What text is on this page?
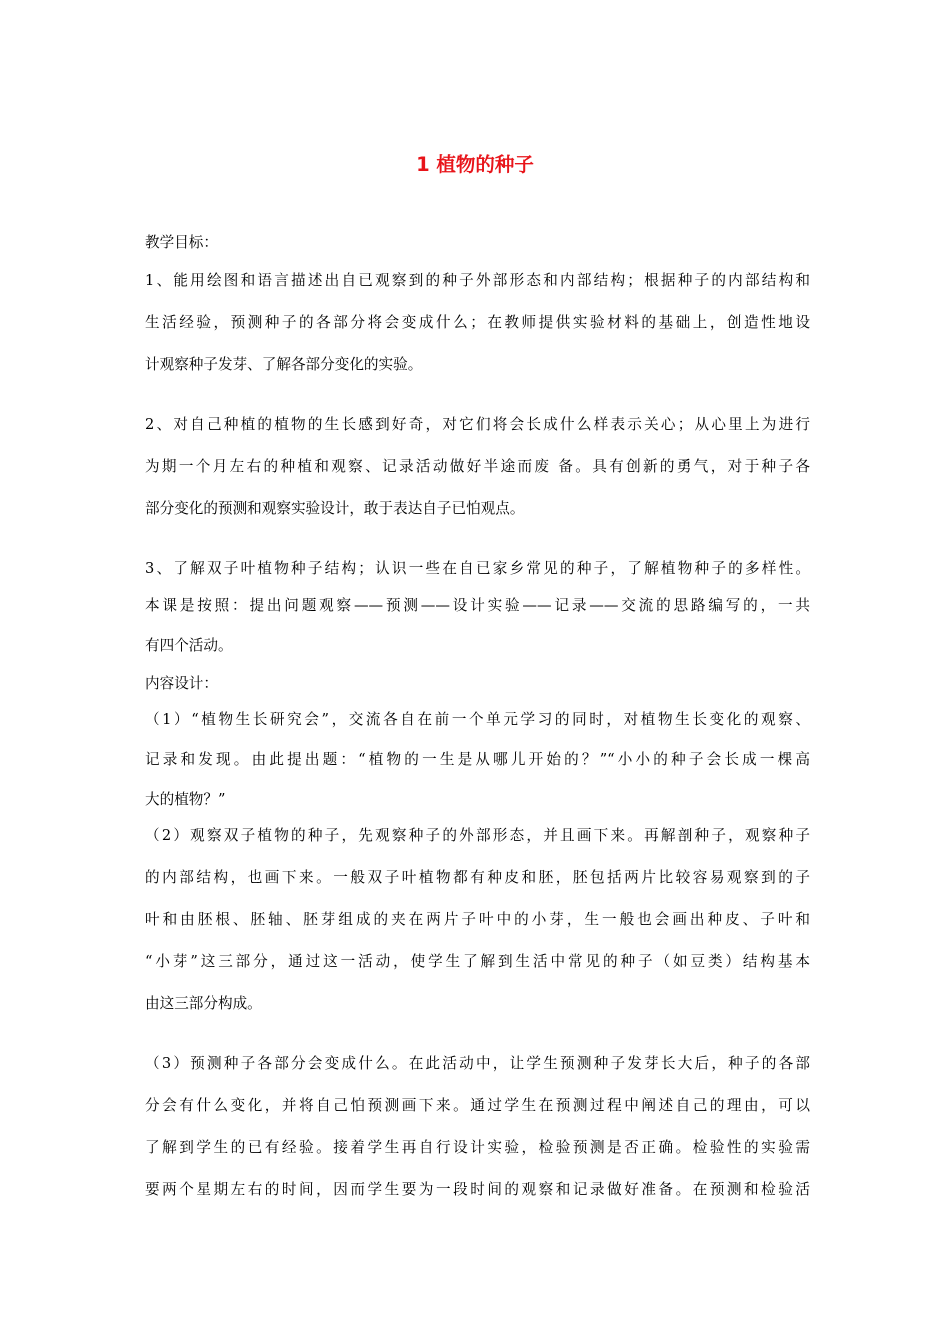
1 植物的种子
教学目标：
1、能用绘图和语言描述出自已观察到的种子外部形态和内部结构；根据种子的内部结构和
生活经验，预测种子的各部分将会变成什么；在教师提供实验材料的基础上，创造性地设
计观察种子发芽、了解各部分变化的实验。
2、对自己种植的植物的生长感到好奇，对它们将会长成什么样表示关心；从心里上为进行
为期一个月左右的种植和观察、记录活动做好半途而废 备。具有创新的勇气，对于种子各
部分变化的预测和观察实验设计，敢于表达自子已怕观点。
3、了解双子叶植物种子结构；认识一些在自已家乡常见的种子，了解植物种子的多样性。
本课是按照：提出问题观察——预测——设计实验——记录——交流的思路编写的，一共
有四个活动。
内容设计：
（1）“植物生长研究会”，交流各自在前一个单元学习的同时，对植物生长变化的观察、
记录和发现。由此提出题：“植物的一生是从哪儿开始的？”“小小的种子会长成一棵高
大的植物？”
（2）观察双子植物的种子，先观察种子的外部形态，并且画下来。再解剖种子，观察种子
的内部结构，也画下来。一般双子叶植物都有种皮和胚，胚包括两片比较容易观察到的子
叶和由胚根、胚轴、胚芽组成的夹在两片子叶中的小芽，生一般也会画出种皮、子叶和
“小芽”这三部分，通过这一活动，使学生了解到生活中常见的种子（如豆类）结构基本
由这三部分构成。
（3）预测种子各部分会变成什么。在此活动中，让学生预测种子发芽长大后，种子的各部
分会有什么变化，并将自己怕预测画下来。通过学生在预测过程中阐述自己的理由，可以
了解到学生的已有经验。接着学生再自行设计实验，检验预测是否正确。检验性的实验需
要两个星期左右的时间，因而学生要为一段时间的观察和记录做好准备。在预测和检验活
